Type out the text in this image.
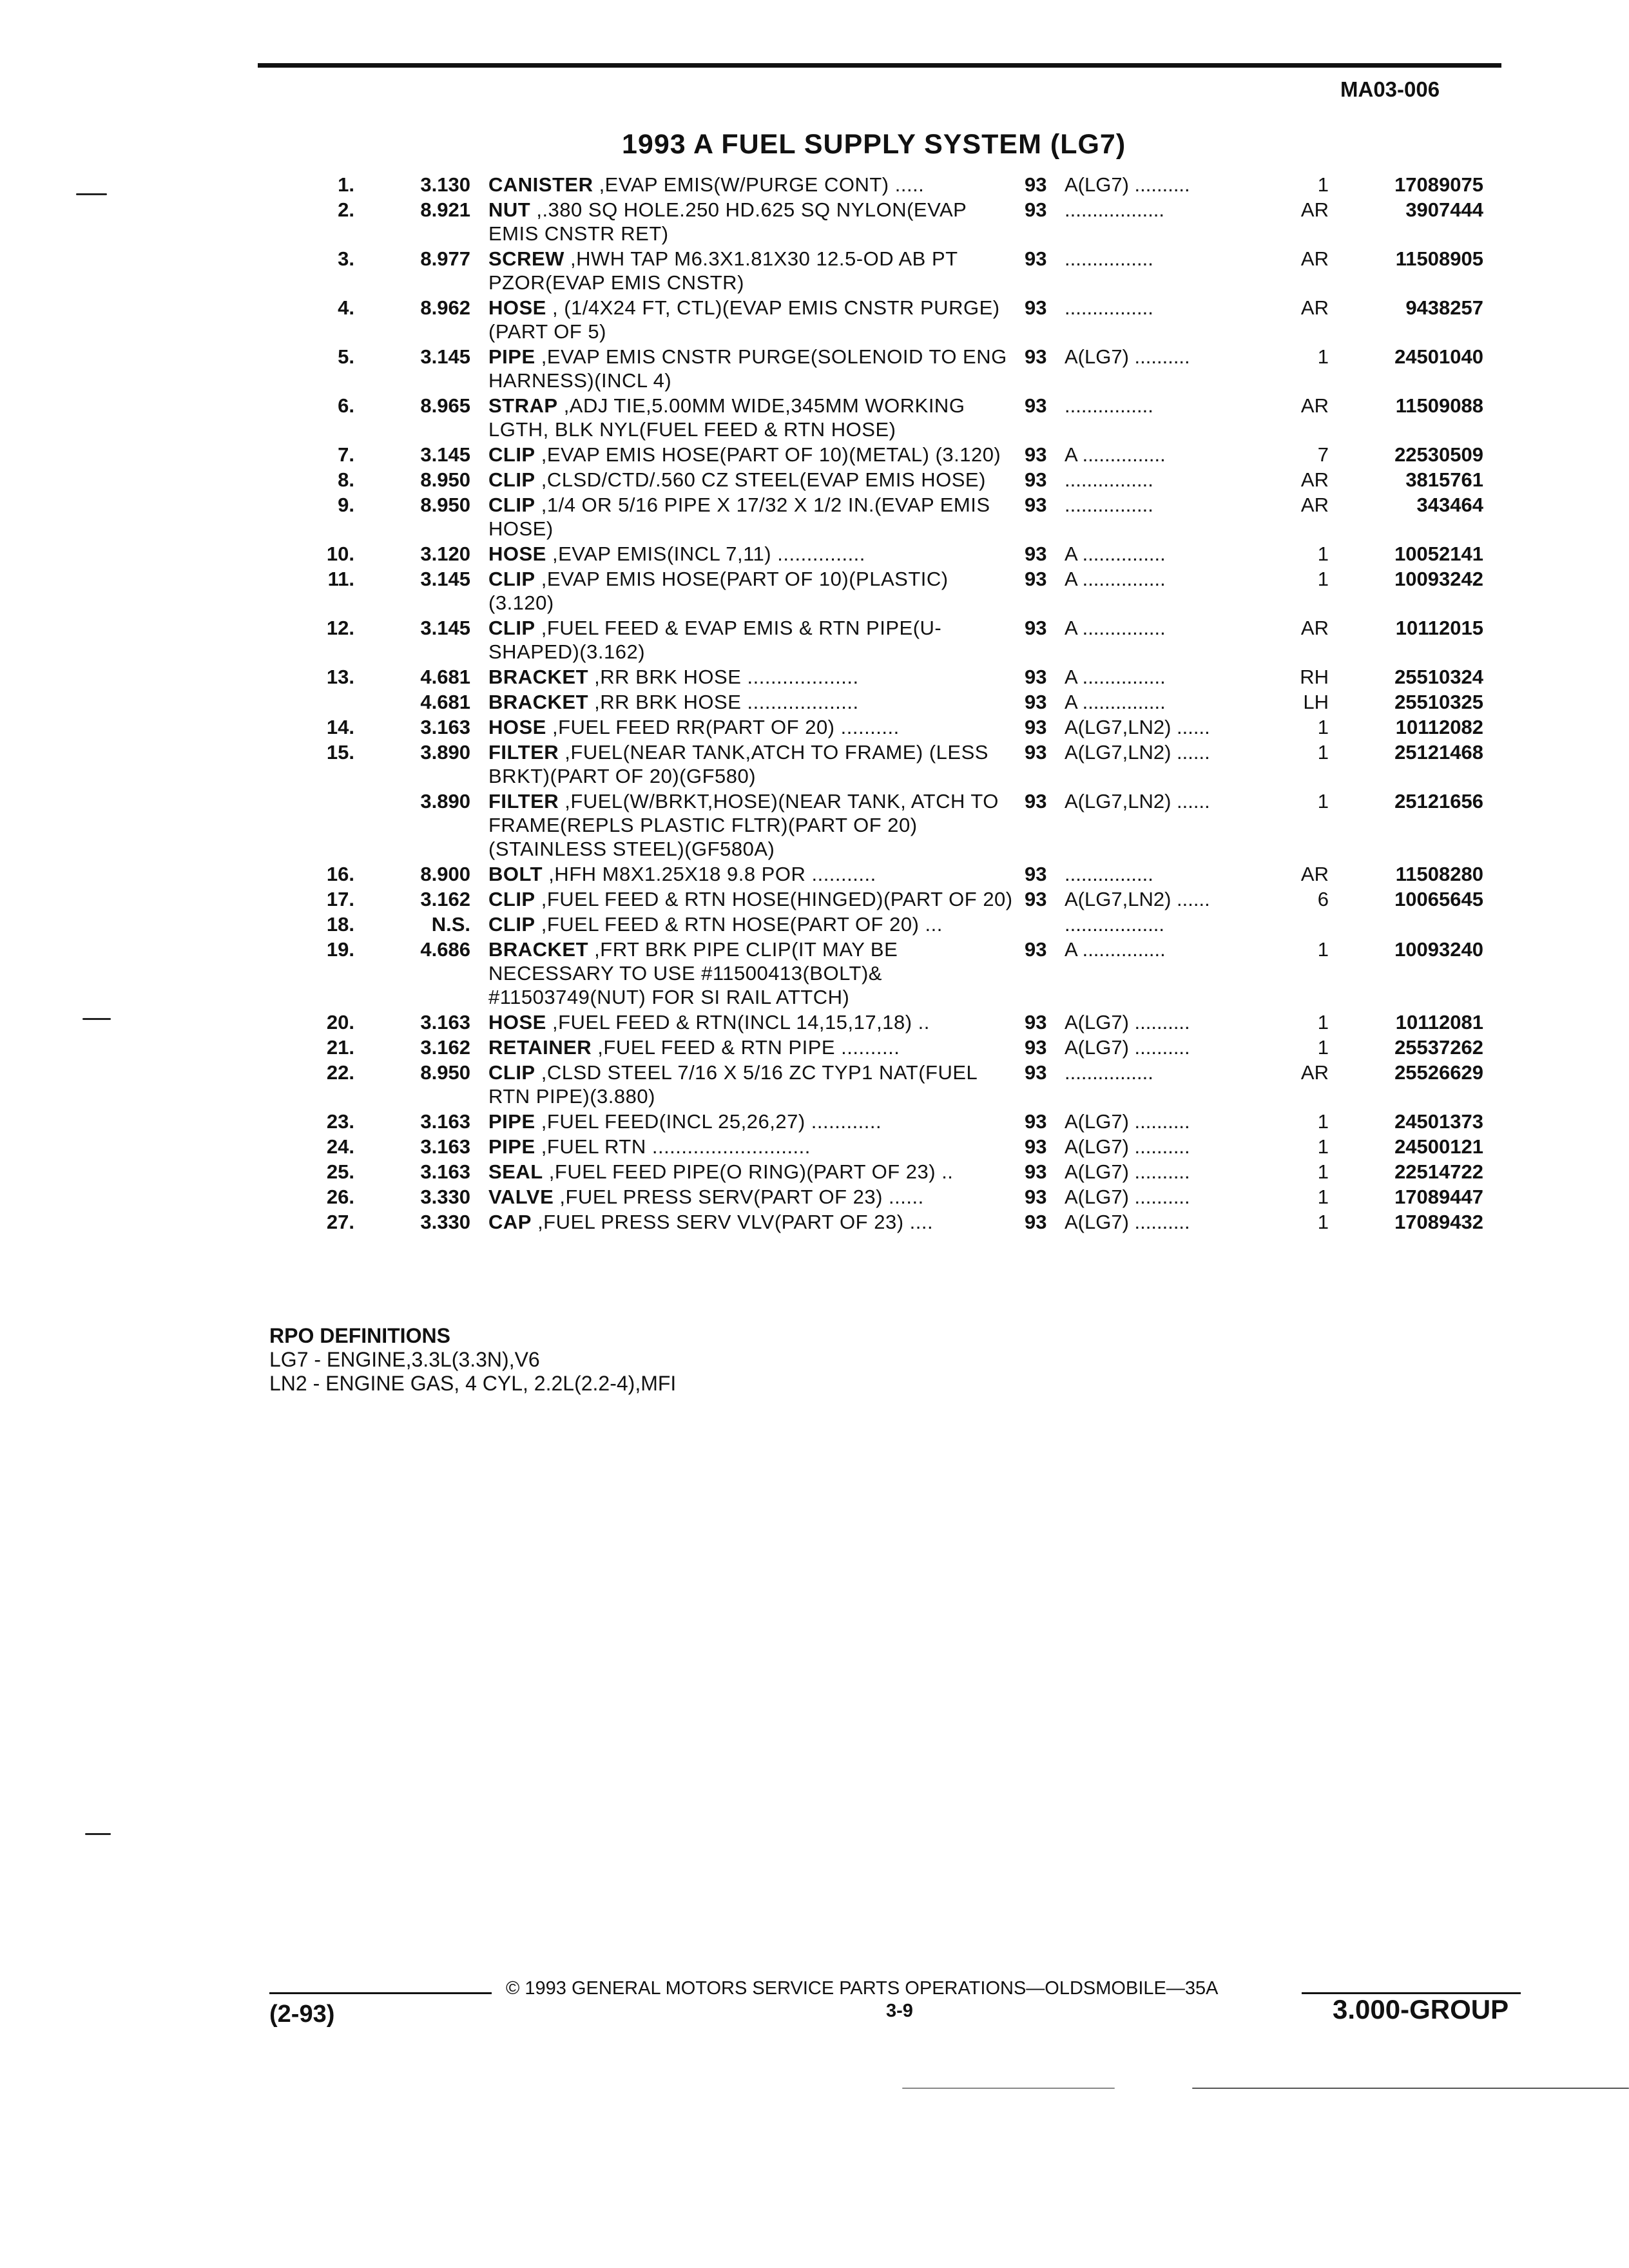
MA03-006
1993 A FUEL SUPPLY SYSTEM (LG7)
1.	3.130 CANISTER ,EVAP EMIS(W/PURGE CONT) .....	93 A(LG7) ..........	1	17089075
2.	8.921 NUT ,.380 SQ HOLE.250 HD.625 SQ NYLON(EVAP EMIS CNSTR RET)
93 ..................	AR	3907444
3.	8.977 SCREW ,HWH TAP M6.3X1.81X30 12.5-OD AB PT PZOR(EVAP EMIS CNSTR)
93 ................	AR	11508905
4.	8.962 HOSE , (1/4X24 FT, CTL)(EVAP EMIS CNSTR PURGE)(PART OF 5)
93 ................	AR	9438257
5.	3.145 PIPE ,EVAP EMIS CNSTR PURGE(SOLENOID TO ENG HARNESS)(INCL 4)
93 A(LG7) ..........	1	24501040
6.	8.965 STRAP ,ADJ TIE,5.00MM WIDE,345MM WORKING LGTH, BLK NYL(FUEL FEED & RTN HOSE)
93 ................	AR	11509088
7.	3.145 CLIP ,EVAP EMIS HOSE(PART OF 10)(METAL) (3.120)	93 A ...............	7	22530509
8.	8.950 CLIP ,CLSD/CTD/.560 CZ STEEL(EVAP EMIS HOSE)	93 ................	AR	3815761
9.	8.950 CLIP ,1/4 OR 5/16 PIPE X 17/32 X 1/2 IN.(EVAP EMIS HOSE)
93 ................	AR	343464
10.	3.120 HOSE ,EVAP EMIS(INCL 7,11) ...............	93 A ...............	1	10052141
11.	3.145 CLIP ,EVAP EMIS HOSE(PART OF 10)(PLASTIC) (3.120)
93 A ...............	1	10093242
12.	3.145 CLIP ,FUEL FEED & EVAP EMIS & RTN PIPE(U-SHAPED)(3.162)
93 A ...............	AR	10112015
13.	4.681 BRACKET ,RR BRK HOSE ...................	93 A ...............	RH	25510324
4.681 BRACKET ,RR BRK HOSE ...................	93 A ...............	LH	25510325
14.	3.163 HOSE ,FUEL FEED RR(PART OF 20) ..........	93 A(LG7,LN2) ......	1	10112082
15.	3.890 FILTER ,FUEL(NEAR TANK,ATCH TO FRAME) (LESS BRKT)(PART OF 20)(GF580)
93 A(LG7,LN2) ......	1	25121468
3.890 FILTER ,FUEL(W/BRKT,HOSE)(NEAR TANK, ATCH TO FRAME(REPLS PLASTIC FLTR)(PART OF 20)(STAINLESS STEEL)(GF580A)
93 A(LG7,LN2) ......	1	25121656
16.	8.900 BOLT ,HFH M8X1.25X18 9.8 POR ...........	93 ................	AR	11508280
17.	3.162 CLIP ,FUEL FEED & RTN HOSE(HINGED)(PART OF 20) 93 A(LG7,LN2) ......	6	10065645
18.	N.S. CLIP ,FUEL FEED & RTN HOSE(PART OF 20) ...	..................
19.	4.686 BRACKET ,FRT BRK PIPE CLIP(IT MAY BE NECESSARY TO USE #11500413(BOLT)& #11503749(NUT) FOR SI RAIL ATTCH)
93 A ...............	1	10093240
20.	3.163 HOSE ,FUEL FEED & RTN(INCL 14,15,17,18) ..	93 A(LG7) ..........	1	10112081
21.	3.162 RETAINER ,FUEL FEED & RTN PIPE ..........	93 A(LG7) ..........	1	25537262
22.	8.950 CLIP ,CLSD STEEL 7/16 X 5/16 ZC TYP1 NAT(FUEL RTN PIPE)(3.880)
93 ................	AR	25526629
23.	3.163 PIPE ,FUEL FEED(INCL 25,26,27) ............	93 A(LG7) ..........	1	24501373
24.	3.163 PIPE ,FUEL RTN ...........................	93 A(LG7) ..........	1	24500121
25.	3.163 SEAL ,FUEL FEED PIPE(O RING)(PART OF 23) ..	93 A(LG7) ..........	1	22514722
26.	3.330 VALVE ,FUEL PRESS SERV(PART OF 23) ......	93 A(LG7) ..........	1	17089447
27.	3.330 CAP ,FUEL PRESS SERV VLV(PART OF 23) ....	93 A(LG7) ..........	1	17089432
RPO DEFINITIONS
LG7 - ENGINE,3.3L(3.3N),V6
LN2 - ENGINE GAS, 4 CYL, 2.2L(2.2-4),MFI
© 1993 GENERAL MOTORS SERVICE PARTS OPERATIONS—OLDSMOBILE—35A
(2-93)	3-9	3.000-GROUP
